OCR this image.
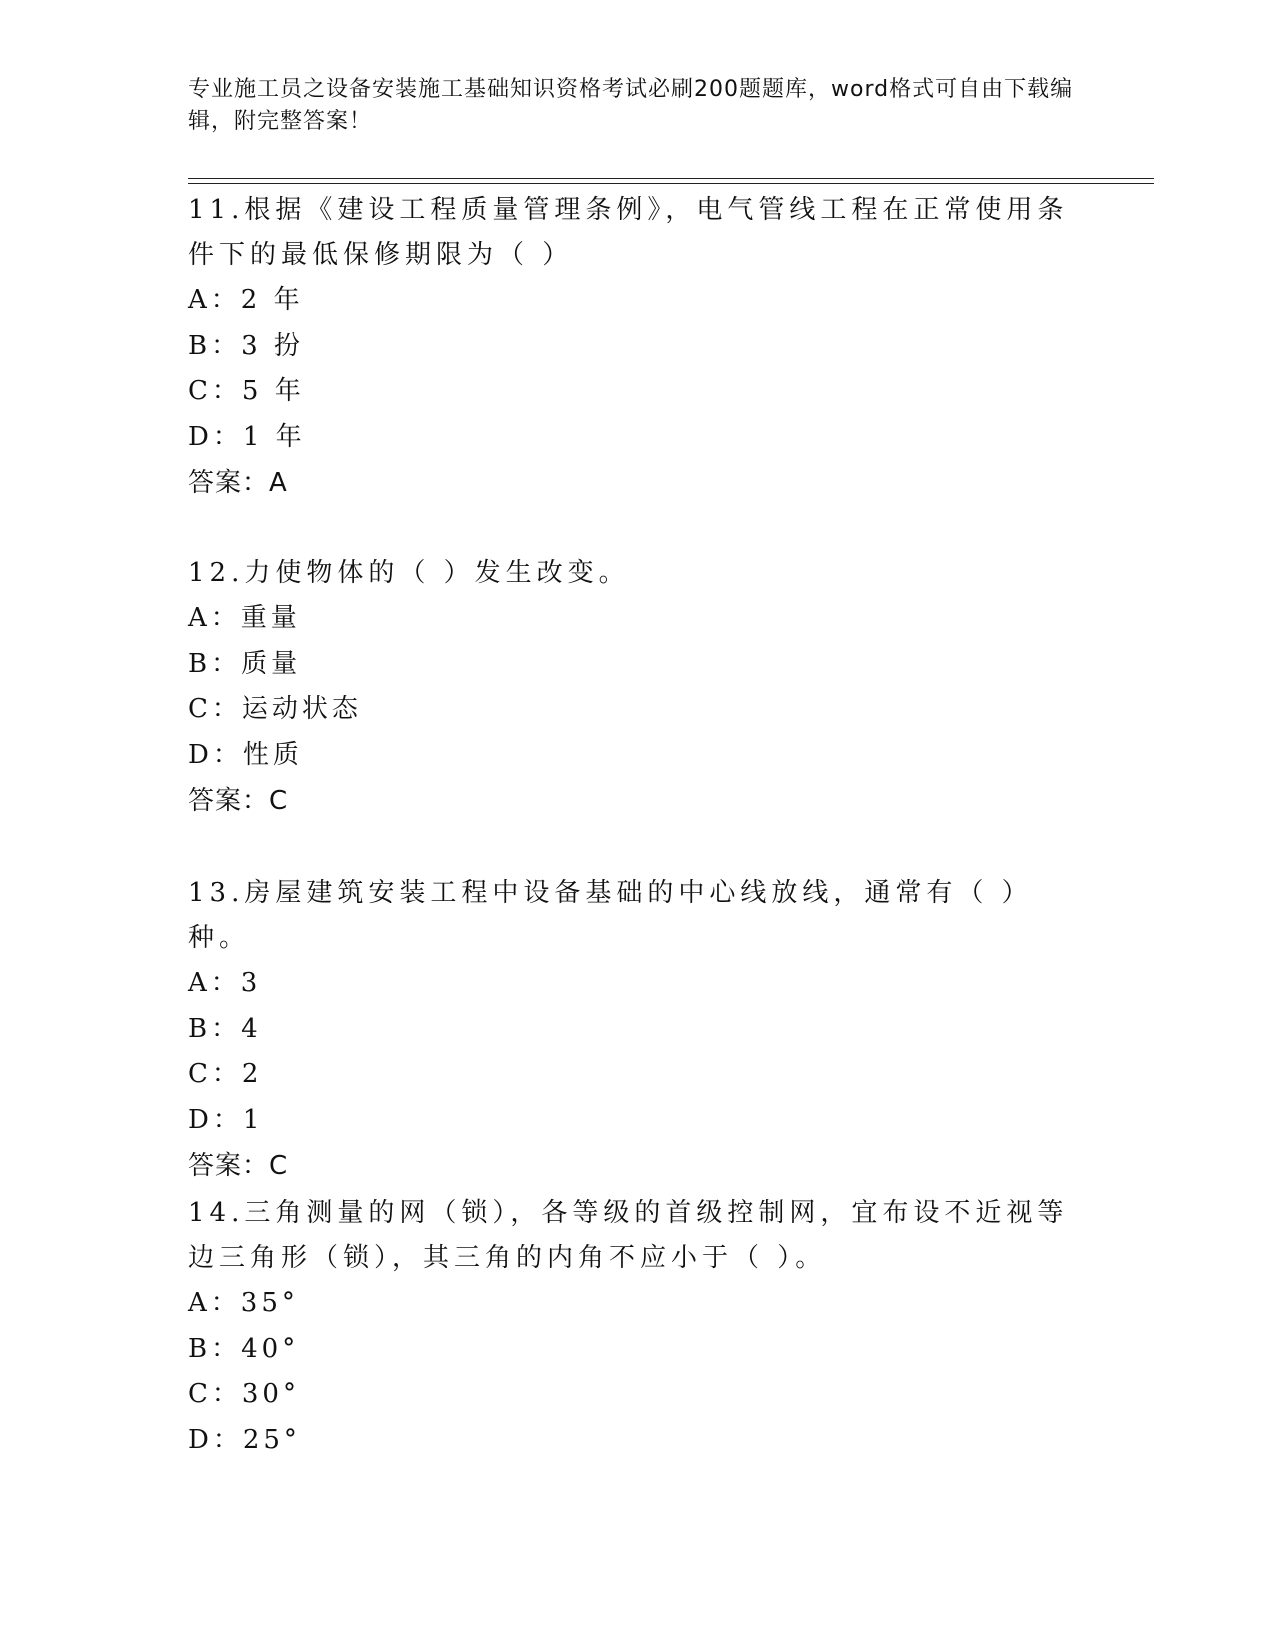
专业施工员之设备安装施工基础知识资格考试必刷200题题库，word格式可自由下载编辑，附完整答案！

11.根据《建设工程质量管理条例》，电气管线工程在正常使用条件下的最低保修期限为（ ）

A：2 年

B：3 扮

C：5 年

D：1 年

答案：A

12.力使物体的（ ）发生改变。

A：重量

B：质量

C：运动状态

D：性质

答案：C

13.房屋建筑安装工程中设备基础的中心线放线，通常有（ ）种。

A：3

B：4

C：2

D：1

答案：C

14.三角测量的网（锁），各等级的首级控制网，宜布设不近视等边三角形（锁），其三角的内角不应小于（ ）。

A：35°

B：40°

C：30°

D：25°
